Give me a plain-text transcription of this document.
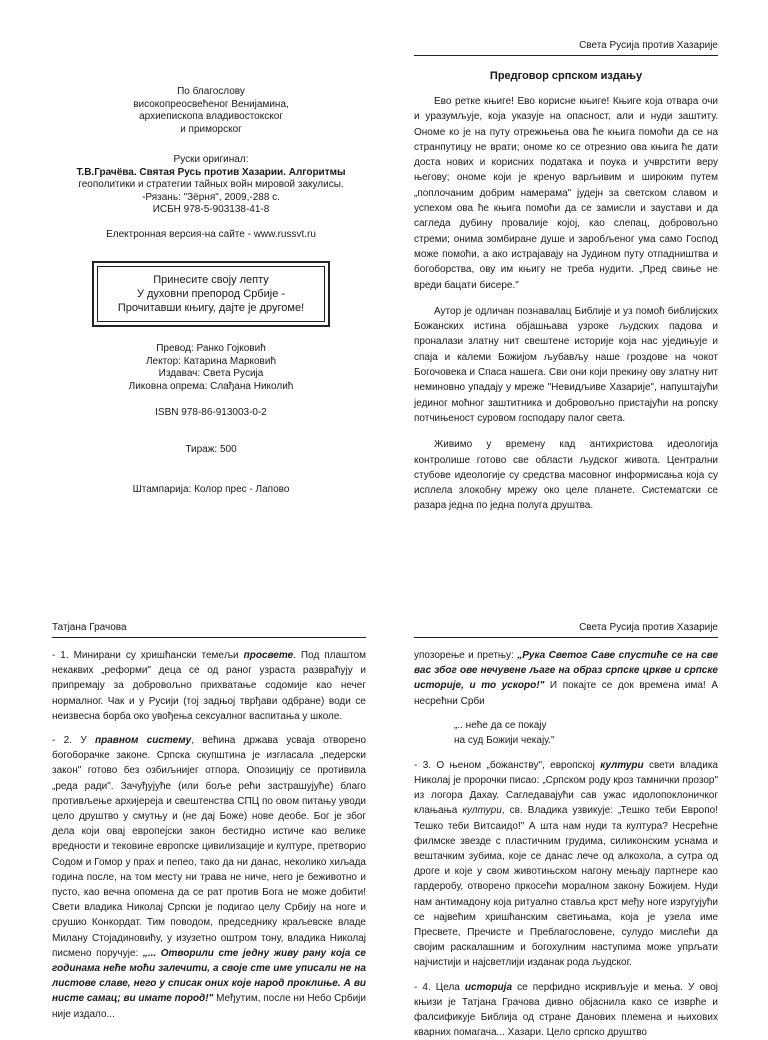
По благослову

високопреосвећеног Венијамина,

архиепископа владивостокског

и приморског

Руски оригинал:

Т.В.Грачёва. Святая Русь против Хазарии. Алгоритмы

геополитики и стратегии тайных войн мировой закулисы.

-Рязань: "Зёрня", 2009,-288 с.

ИСБН 978-5-903138-41-8

Електронная версия-на сайте - www.russvt.ru
Принесите своју лепту
У духовни препород Србије -
Прочитавши књигу, дајте је другоме!

Превод: Ранко Гојковић

Лектор: Катарина Марковић

Издавач: Света Русија

Ликовна опрема: Слађана Николић

ISBN 978-86-913003-0-2
Тираж: 500
Штампарија: Колор прес - Лапово
Света Русија против Хазарије
Предговор српском издању

Ево ретке књиге! Ево корисне књиге! Књиге која отвара очи и уразумљује, која указује на опасност, али и нуди заштиту. Ономе ко је на путу отрежњења ова ће књига помоћи да се на странпутицу не врати; ономе ко се отрезнио ова књига ће дати доста нових и корисних података и поука и учврстити веру његову; ономе који је кренуо варљивим и широким путем „поплочаним добрим намерама" јудејн за светском славом и успехом ова ће књига помоћи да се замисли и заустави и да сагледа дубину провалије којој, као слепац, добровољно стреми; онима зомбиране душе и заробљеног ума само Господ може помоћи, а ако истрајавају на Јудином путу отпадништва и богоборства, ову им књигу не треба нудити. „Пред свиње не вреди бацати бисере."

Аутор је одличан познавалац Библије и уз помоћ библијских Божанских истина објашњава узроке људских падова и проналази златну нит свештене историје која нас уједињује и спаја и калеми Божијом љубављу наше гроздове на чокот Богочовека и Спаса нашега. Сви они који прекину ову златну нит неминовно упадају у мреже "Невидљиве Хазарије", напуштајући јединог моћног заштитника и добровољно пристајући на ропску потчињеност суровом господару палог света.

Живимо у времену кад антихристова идеологија контролише готово све области људског живота. Централни стубове идеологије су средства масовног информисања која су исплела злокобну мрежу око целе планете. Систематски се разара једна по једна полуга друштва.

Татјана Грачова

- 1. Минирани су хришћански темељи просвете. Под плаштом некаквих „реформи" деца се од раног узраста развраћују и припремају за добровољно прихватање содомије као нечег нормалног. Чак и у Русији (тој задњој тврђави одбране) води се неизвесна борба око увођења сексуалног васпитања у школе.

- 2. У правном систему, већина држава усваја отворено богоборачке законе. Српска скупштина је изгласала „педерски закон" готово без озбиљнијег отпора. Опозицију се противила „реда ради". Зачуђујуће (или боље рећи застрашујуће) благо противљење архијереја и свештенства СПЦ по овом питању уводи цело друштво у смутњу и (не дај Боже) нове деобе. Бог је због дела који овај европејски закон бестидно истиче као велике вредности и тековине европске цивилизације и културе, претворио Содом и Гомор у прах и пепео, тако да ни данас, неколико хиљада година после, на том месту ни трава не ниче, него је беживотно и пусто, као вечна опомена да се рат против Бога не може добити! Свети владика Николај Српски је подигао целу Србију на ноге и срушио Конкордат. Тим поводом, председнику краљевске владе Милану Стојадиновићу, у изузетно оштром тону, владика Николај писмено поручује: „... Отворили сте једну живу рану која се годинама неће моћи залечити, а своје сте име уписали не на листове славе, него у списак оних које народ проклиње. А ви нисте самац; ви имате пород!" Међутим, после ни Небо Србији није издало...

Света Русија против Хазарије

упозорење и претњу: „Рука Светог Саве спустиће се на све вас због ове нечувене љаге на образ српске цркве и српске историје, и то ускоро!" И покајте се док времена има! А несрећни Срби

„.. неће да се покају
на суд Божији чекају."

- 3. О њеном „божанству", европској култури свети владика Николај је пророчки писао: „Српском роду кроз тамнички прозор" из логора Дахау. Сагледавајући сав ужас идолопоклоничког клањања култури, св. Владика узвикује: „Тешко теби Европо! Тешко теби Витсаидо!" А шта нам нуди та култура? Несрећне филмске звезде с пластичним грудима, силиконским уснама и вештачким зубима, које се данас лече од алкохола, а сутра од дроге и које у свом животињском нагону мењају партнере као гардеробу, отворено пркосећи моралном закону Божијем. Нуди нам антимадону која ритуално ставља крст међу ноге изругујући се највећим хришћанским светињама, која је узела име Пресвете, Пречисте и Преблагословене, сулудо мислећи да својим раскалашним и богохулним наступима може упрљати најчистији и најсветлији изданак рода људског.

- 4. Цела историја се перфидно искривљује и мења. У овој књизи је Татјана Грачова дивно објаснила како се изврће и фалсификује Библија од стране Данових племена и њихових кварних помагача... Хазари. Цело српско друштво
